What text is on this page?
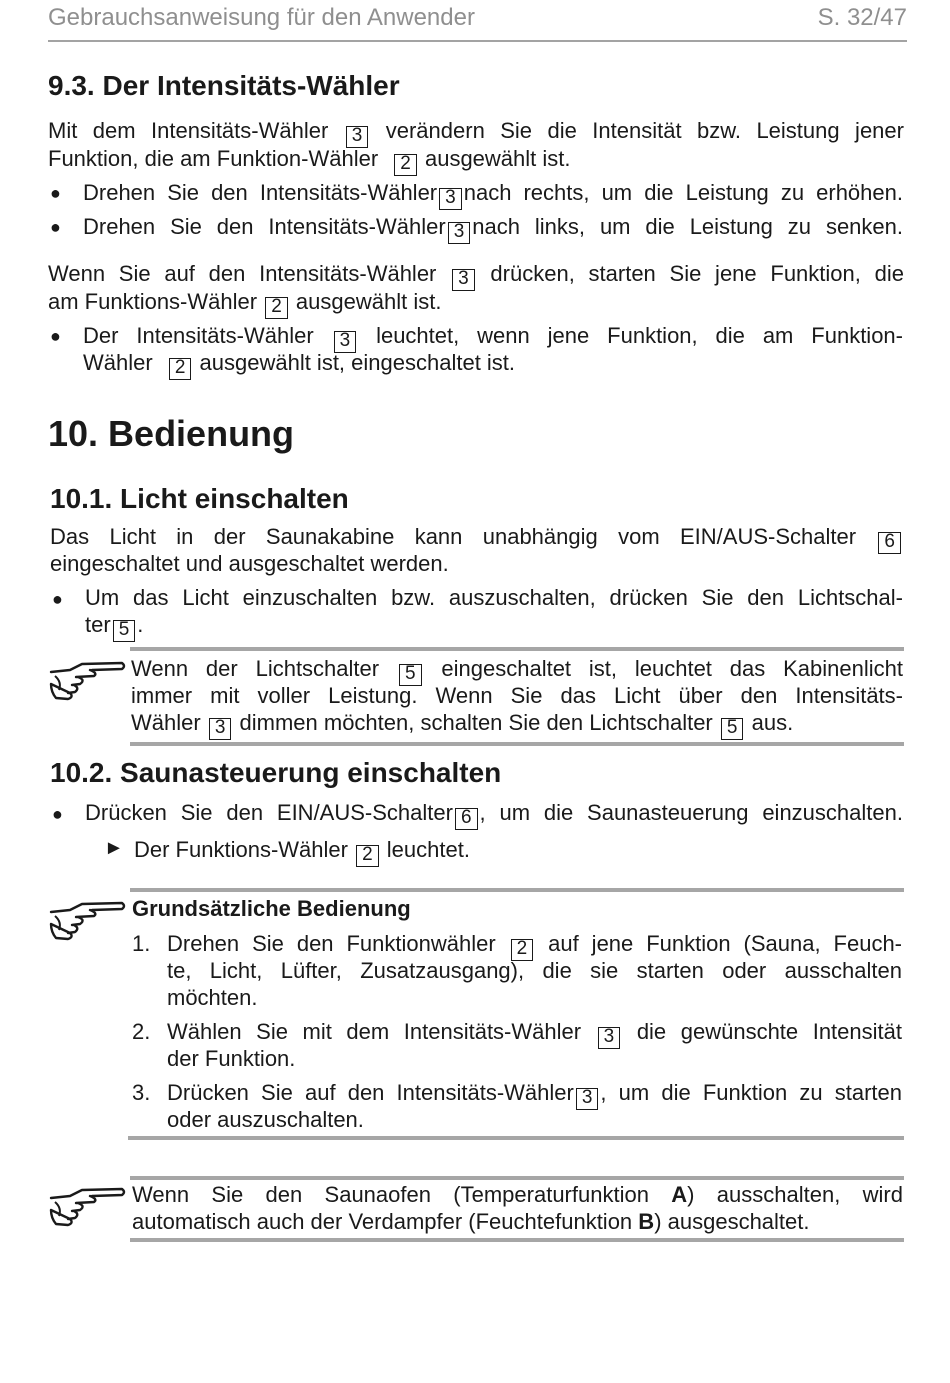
Gebrauchsanweisung für den Anwender	S. 32/47
9.3. Der Intensitäts-Wähler
Mit dem Intensitäts-Wähler 3 verändern Sie die Intensität bzw. Leistung jener
Funktion, die am Funktion-Wähler 2 ausgewählt ist.
● Drehen Sie den Intensitäts-Wähler 3 nach rechts, um die Leistung zu erhöhen.
● Drehen Sie den Intensitäts-Wähler 3 nach links, um die Leistung zu senken.
Wenn Sie auf den Intensitäts-Wähler 3 drücken, starten Sie jene Funktion, die
am Funktions-Wähler 2 ausgewählt ist.
● Der Intensitäts-Wähler 3 leuchtet, wenn jene Funktion, die am Funktion-
Wähler 2 ausgewählt ist, eingeschaltet ist.
10. Bedienung
10.1. Licht einschalten
Das Licht in der Saunakabine kann unabhängig vom EIN/AUS-Schalter 6
eingeschaltet und ausgeschaltet werden.
● Um das Licht einzuschalten bzw. auszuschalten, drücken Sie den Lichtschal-
ter 5 .
Wenn der Lichtschalter 5 eingeschaltet ist, leuchtet das Kabinenlicht
immer mit voller Leistung. Wenn Sie das Licht über den Intensitäts-
Wähler 3 dimmen möchten, schalten Sie den Lichtschalter 5 aus.
10.2. Saunasteuerung einschalten
● Drücken Sie den EIN/AUS-Schalter 6 , um die Saunasteuerung einzuschalten.
► Der Funktions-Wähler 2 leuchtet.
Grundsätzliche Bedienung
1. Drehen Sie den Funktionwähler 2 auf jene Funktion (Sauna, Feuch-
te, Licht, Lüfter, Zusatzausgang), die sie starten oder ausschalten
möchten.
2. Wählen Sie mit dem Intensitäts-Wähler 3 die gewünschte Intensität
der Funktion.
3. Drücken Sie auf den Intensitäts-Wähler 3 , um die Funktion zu starten
oder auszuschalten.
Wenn Sie den Saunaofen (Temperaturfunktion A) ausschalten, wird
automatisch auch der Verdampfer (Feuchtefunktion B) ausgeschaltet.
